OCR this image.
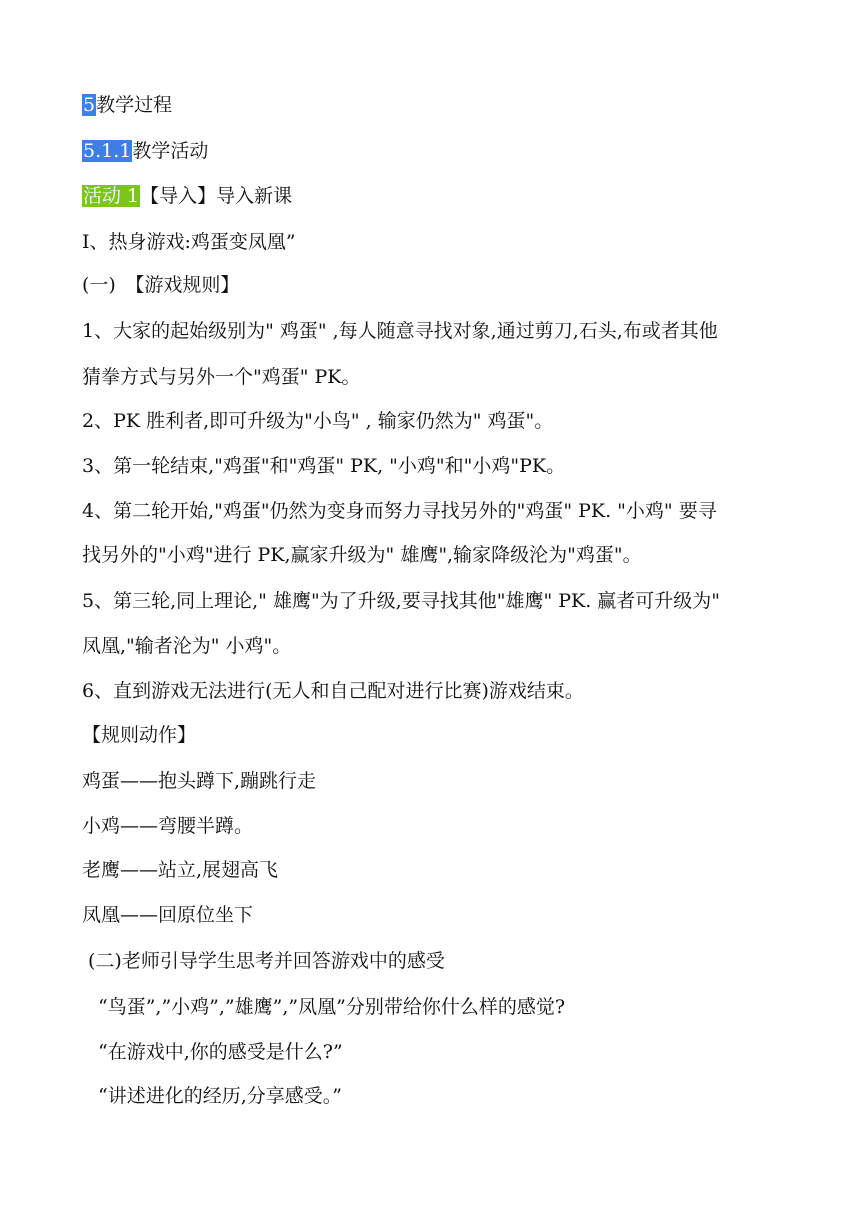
5教学过程
5.1.1教学活动
活动 1【导入】导入新课
I、热身游戏:鸡蛋变凤凰”
(一)　【游戏规则】
1、大家的起始级别为" 鸡蛋" ,每人随意寻找对象,通过剪刀,石头,布或者其他
猜拳方式与另外一个"鸡蛋" PK。
2、PK 胜利者,即可升级为"小鸟" , 输家仍然为" 鸡蛋"。
3、第一轮结束,"鸡蛋"和"鸡蛋" PK, "小鸡"和"小鸡"PK。
4、第二轮开始,"鸡蛋"仍然为变身而努力寻找另外的"鸡蛋" PK. "小鸡" 要寻
找另外的"小鸡"进行 PK,赢家升级为" 雄鹰",输家降级沦为"鸡蛋"。
5、第三轮,同上理论," 雄鹰"为了升级,要寻找其他"雄鹰" PK. 赢者可升级为"
凤凰,"输者沦为" 小鸡"。
6、直到游戏无法进行(无人和自己配对进行比赛)游戏结束。
【规则动作】
鸡蛋——抱头蹲下,蹦跳行走
小鸡——弯腰半蹲。
老鹰——站立,展翅高飞
凤凰——回原位坐下
(二)老师引导学生思考并回答游戏中的感受
“鸟蛋”,”小鸡”,”雄鹰”,”凤凰”分别带给你什么样的感觉?
“在游戏中,你的感受是什么?”
“讲述进化的经历,分享感受。”
